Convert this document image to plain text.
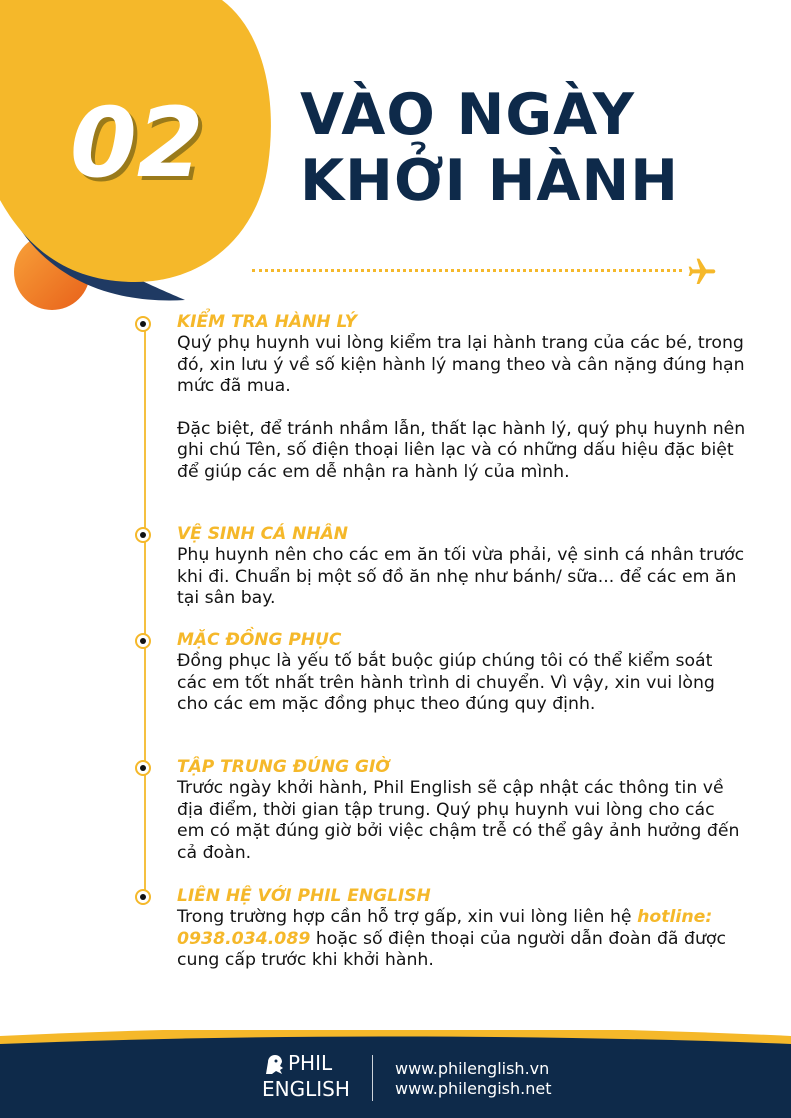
02 VÀO NGÀY
KHỞI HÀNH
KIỂM TRA HÀNH LÝ

Quý phụ huynh vui lòng kiểm tra lại hành trang của các bé, trong đó, xin lưu ý về số kiện hành lý mang theo và cân nặng đúng hạn mức đã mua.

Đặc biệt, để tránh nhầm lẫn, thất lạc hành lý, quý phụ huynh nên ghi chú Tên, số điện thoại liên lạc và có những dấu hiệu đặc biệt để giúp các em dễ nhận ra hành lý của mình.

VỆ SINH CÁ NHÂN

Phụ huynh nên cho các em ăn tối vừa phải, vệ sinh cá nhân trước khi đi. Chuẩn bị một số đồ ăn nhẹ như bánh/ sữa... để các em ăn tại sân bay.

MẶC ĐỒNG PHỤC

Đồng phục là yếu tố bắt buộc giúp chúng tôi có thể kiểm soát các em tốt nhất trên hành trình di chuyển. Vì vậy, xin vui lòng cho các em mặc đồng phục theo đúng quy định.

TẬP TRUNG ĐÚNG GIỜ

Trước ngày khởi hành, Phil English sẽ cập nhật các thông tin về địa điểm, thời gian tập trung. Quý phụ huynh vui lòng cho các em có mặt đúng giờ bởi việc chậm trễ có thể gây ảnh hưởng đến cả đoàn.

LIÊN HỆ VỚI PHIL ENGLISH

Trong trường hợp cần hỗ trợ gấp, xin vui lòng liên hệ hotline: 0938.034.089 hoặc số điện thoại của người dẫn đoàn đã được cung cấp trước khi khởi hành.

PHIL
ENGLISH
www.philenglish.vn
www.philengish.net
